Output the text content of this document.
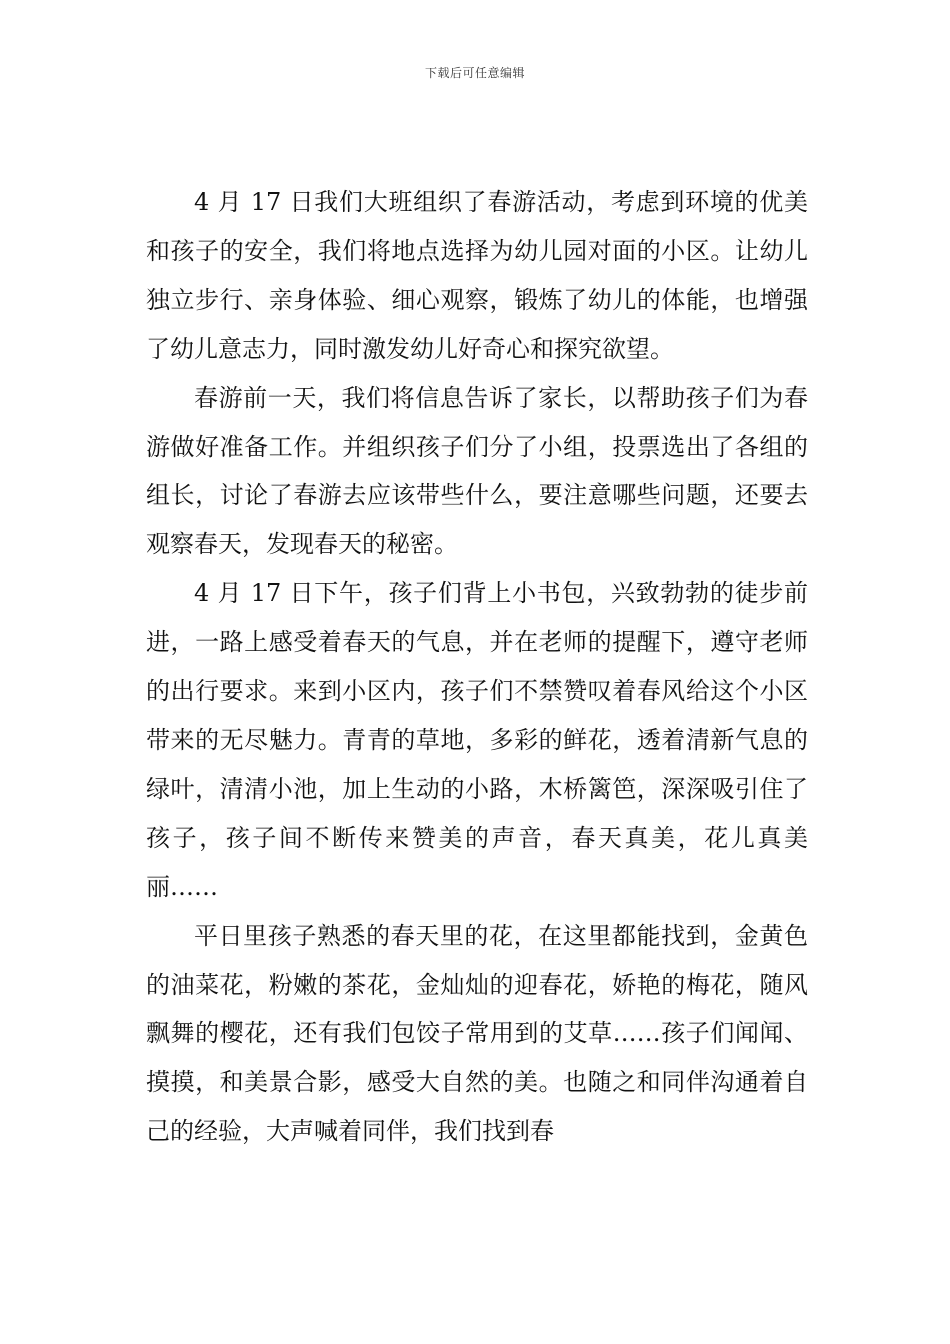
下载后可任意编辑

4 月 17 日我们大班组织了春游活动，考虑到环境的优美和孩子的安全，我们将地点选择为幼儿园对面的小区。让幼儿独立步行、亲身体验、细心观察，锻炼了幼儿的体能，也增强了幼儿意志力，同时激发幼儿好奇心和探究欲望。

春游前一天，我们将信息告诉了家长，以帮助孩子们为春游做好准备工作。并组织孩子们分了小组，投票选出了各组的组长，讨论了春游去应该带些什么，要注意哪些问题，还要去观察春天，发现春天的秘密。

4 月 17 日下午，孩子们背上小书包，兴致勃勃的徒步前进，一路上感受着春天的气息，并在老师的提醒下，遵守老师的出行要求。来到小区内，孩子们不禁赞叹着春风给这个小区带来的无尽魅力。青青的草地，多彩的鲜花，透着清新气息的绿叶，清清小池，加上生动的小路，木桥篱笆，深深吸引住了孩子，孩子间不断传来赞美的声音，春天真美，花儿真美丽……

平日里孩子熟悉的春天里的花，在这里都能找到，金黄色的油菜花，粉嫩的茶花，金灿灿的迎春花，娇艳的梅花，随风飘舞的樱花，还有我们包饺子常用到的艾草……孩子们闻闻、摸摸，和美景合影，感受大自然的美。也随之和同伴沟通着自己的经验，大声喊着同伴，我们找到春
